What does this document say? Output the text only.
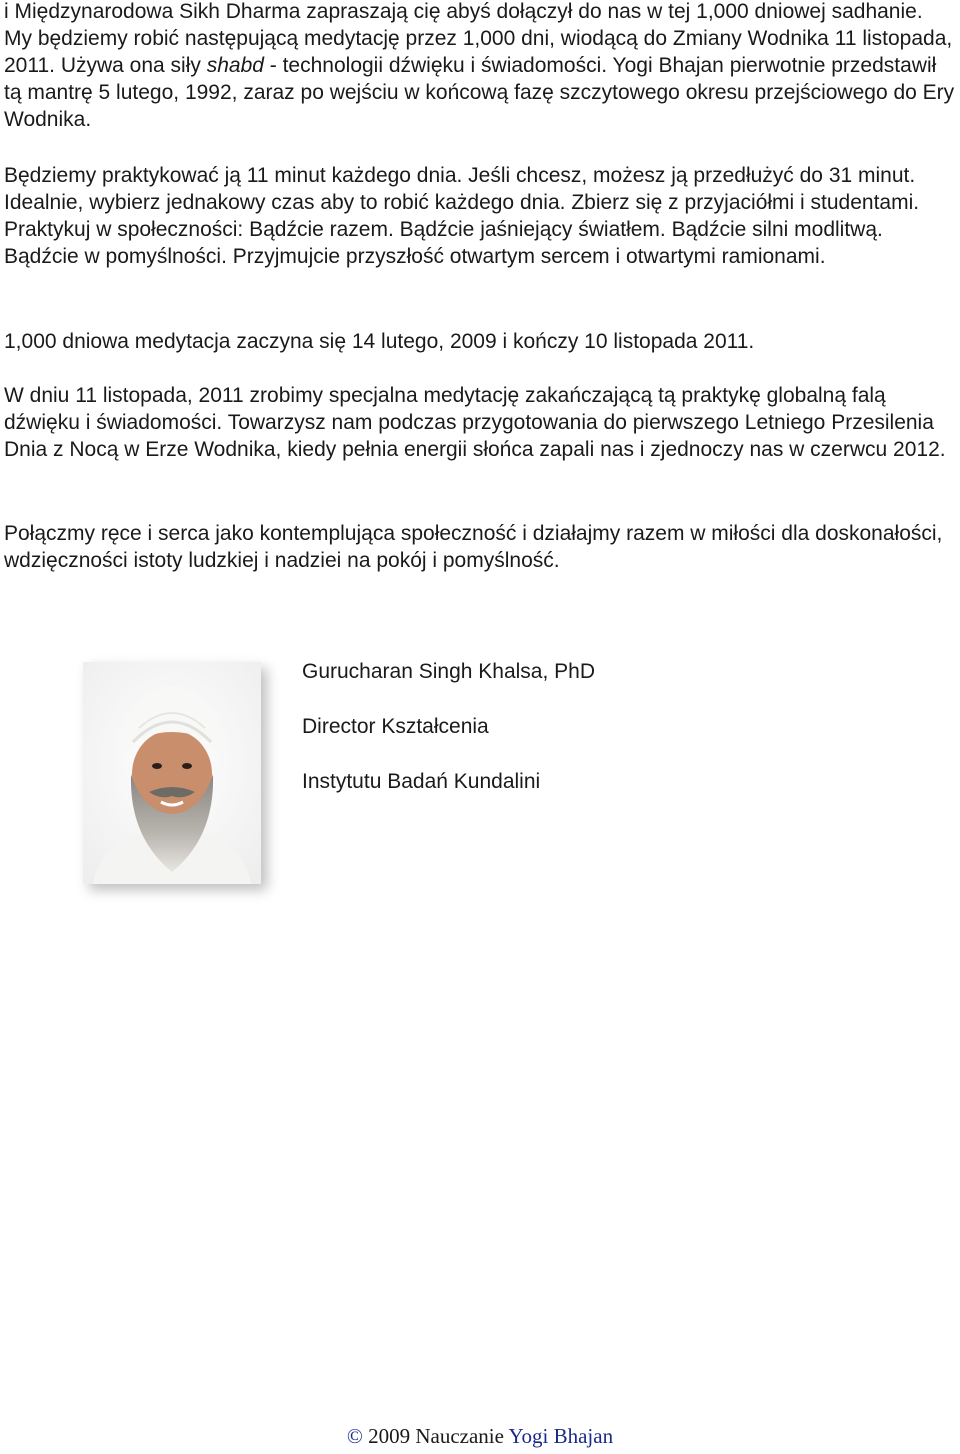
i Międzynarodowa Sikh Dharma zapraszają cię abyś dołączył do nas w tej 1,000 dniowej sadhanie. My będziemy robić następującą medytację przez 1,000 dni, wiodącą do Zmiany Wodnika 11 listopada, 2011. Używa ona siły shabd - technologii dźwięku i świadomości. Yogi Bhajan pierwotnie przedstawił tą mantrę 5 lutego, 1992, zaraz po wejściu w końcową fazę szczytowego okresu przejściowego do Ery Wodnika.

Będziemy praktykować ją 11 minut każdego dnia. Jeśli chcesz, możesz ją przedłużyć do 31 minut. Idealnie, wybierz jednakowy czas aby to robić każdego dnia. Zbierz się z przyjaciółmi i studentami. Praktykuj w społeczności: Bądźcie razem. Bądźcie jaśniejący światłem. Bądźcie silni modlitwą. Bądźcie w pomyślności. Przyjmujcie przyszłość otwartym sercem i otwartymi ramionami.

1,000 dniowa medytacja zaczyna się 14 lutego, 2009 i kończy 10 listopada 2011.

W dniu 11 listopada, 2011 zrobimy specjalna medytację zakańczającą tą praktykę globalną falą dźwięku i świadomości. Towarzysz nam podczas przygotowania do pierwszego Letniego Przesilenia Dnia z Nocą w Erze Wodnika, kiedy pełnia energii słońca zapali nas i zjednoczy nas w czerwcu 2012.

Połączmy ręce i serca jako kontemplująca społeczność i działajmy razem w miłości dla doskonałości, wdzięczności istoty ludzkiej i nadziei na pokój i pomyślność.

Gurucharan Singh Khalsa, PhD
Director Kształcenia
Instytutu Badań Kundalini
© 2009 Nauczanie Yogi Bhajan
